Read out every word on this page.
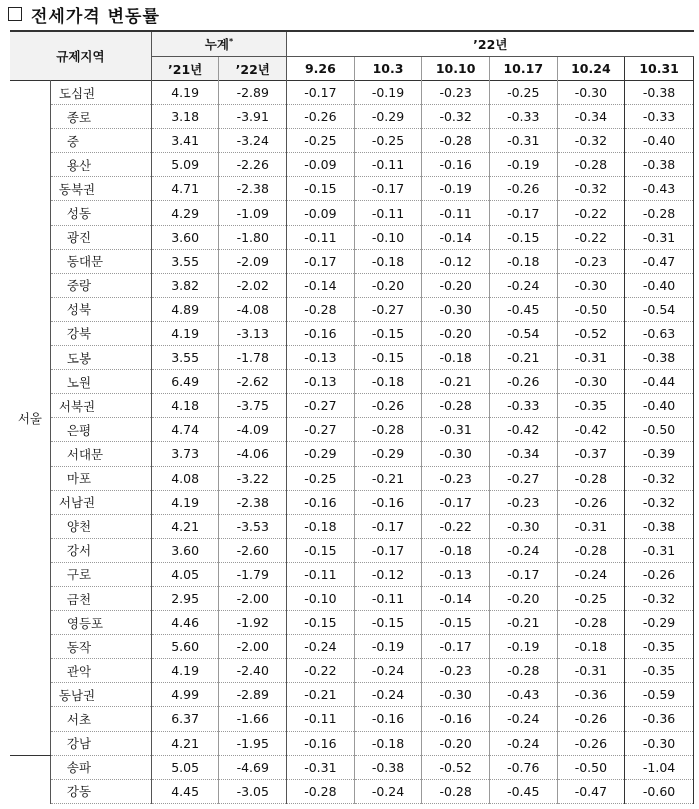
전세가격 변동률
규제지역		누계*		’22년					
		’21년	’22년	9.26	10.3	10.10	10.17	10.24	10.31
서울	도심권	4.19	-2.89	-0.17	-0.19	-0.23	-0.25	-0.30	-0.38
	종로	3.18	-3.91	-0.26	-0.29	-0.32	-0.33	-0.34	-0.33
	중	3.41	-3.24	-0.25	-0.25	-0.28	-0.31	-0.32	-0.40
	용산	5.09	-2.26	-0.09	-0.11	-0.16	-0.19	-0.28	-0.38
	동북권	4.71	-2.38	-0.15	-0.17	-0.19	-0.26	-0.32	-0.43
	성동	4.29	-1.09	-0.09	-0.11	-0.11	-0.17	-0.22	-0.28
	광진	3.60	-1.80	-0.11	-0.10	-0.14	-0.15	-0.22	-0.31
	동대문	3.55	-2.09	-0.17	-0.18	-0.12	-0.18	-0.23	-0.47
	중랑	3.82	-2.02	-0.14	-0.20	-0.20	-0.24	-0.30	-0.40
	성북	4.89	-4.08	-0.28	-0.27	-0.30	-0.45	-0.50	-0.54
	강북	4.19	-3.13	-0.16	-0.15	-0.20	-0.54	-0.52	-0.63
	도봉	3.55	-1.78	-0.13	-0.15	-0.18	-0.21	-0.31	-0.38
	노원	6.49	-2.62	-0.13	-0.18	-0.21	-0.26	-0.30	-0.44
	서북권	4.18	-3.75	-0.27	-0.26	-0.28	-0.33	-0.35	-0.40
	은평	4.74	-4.09	-0.27	-0.28	-0.31	-0.42	-0.42	-0.50
	서대문	3.73	-4.06	-0.29	-0.29	-0.30	-0.34	-0.37	-0.39
	마포	4.08	-3.22	-0.25	-0.21	-0.23	-0.27	-0.28	-0.32
	서남권	4.19	-2.38	-0.16	-0.16	-0.17	-0.23	-0.26	-0.32
	양천	4.21	-3.53	-0.18	-0.17	-0.22	-0.30	-0.31	-0.38
	강서	3.60	-2.60	-0.15	-0.17	-0.18	-0.24	-0.28	-0.31
	구로	4.05	-1.79	-0.11	-0.12	-0.13	-0.17	-0.24	-0.26
	금천	2.95	-2.00	-0.10	-0.11	-0.14	-0.20	-0.25	-0.32
	영등포	4.46	-1.92	-0.15	-0.15	-0.15	-0.21	-0.28	-0.29
	동작	5.60	-2.00	-0.24	-0.19	-0.17	-0.19	-0.18	-0.35
	관악	4.19	-2.40	-0.22	-0.24	-0.23	-0.28	-0.31	-0.35
	동남권	4.99	-2.89	-0.21	-0.24	-0.30	-0.43	-0.36	-0.59
	서초	6.37	-1.66	-0.11	-0.16	-0.16	-0.24	-0.26	-0.36
	강남	4.21	-1.95	-0.16	-0.18	-0.20	-0.24	-0.26	-0.30
	송파	5.05	-4.69	-0.31	-0.38	-0.52	-0.76	-0.50	-1.04
	강동	4.45	-3.05	-0.28	-0.24	-0.28	-0.45	-0.47	-0.60
